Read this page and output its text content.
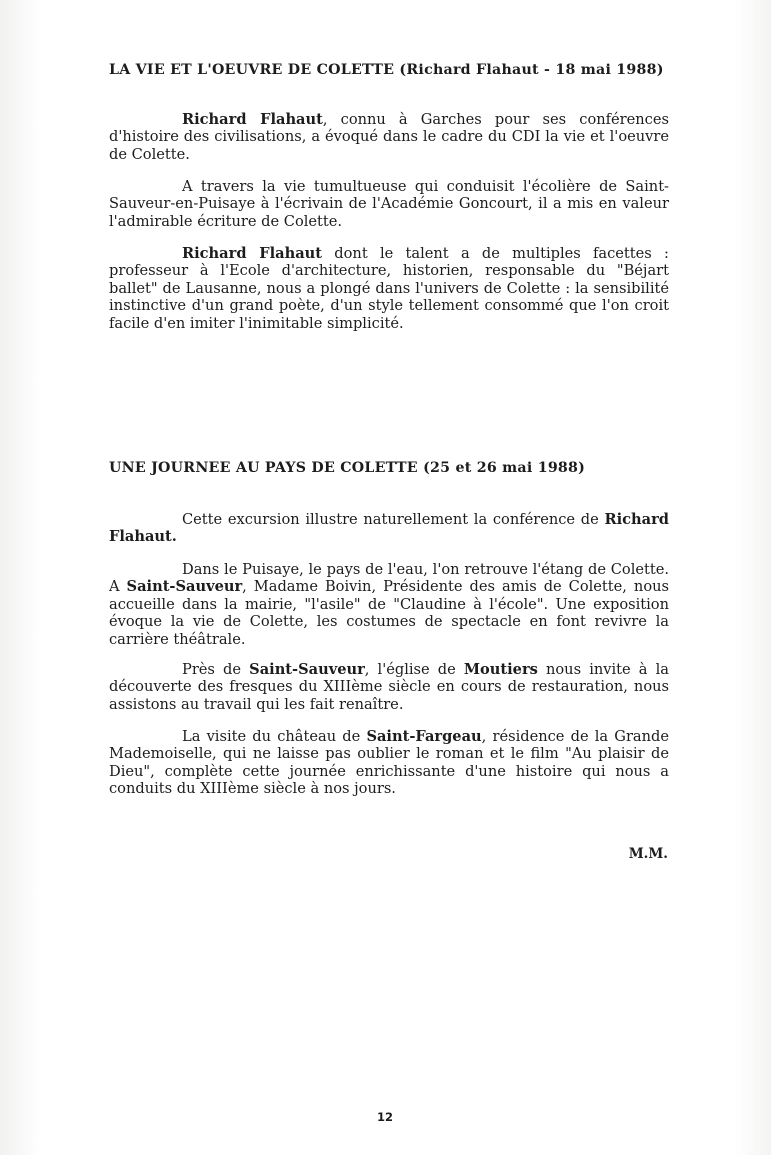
LA VIE ET L'OEUVRE DE COLETTE (Richard Flahaut - 18 mai 1988)

Richard Flahaut, connu à Garches pour ses conférences d'histoire des civilisations, a évoqué dans le cadre du CDI la vie et l'oeuvre de Colette.

A travers la vie tumultueuse qui conduisit l'écolière de Saint-Sauveur-en-Puisaye à l'écrivain de l'Académie Goncourt, il a mis en valeur l'admirable écriture de Colette.

Richard Flahaut dont le talent a de multiples facettes : professeur à l'Ecole d'architecture, historien, responsable du "Béjart ballet" de Lausanne, nous a plongé dans l'univers de Colette : la sensibilité instinctive d'un grand poète, d'un style tellement consommé que l'on croit facile d'en imiter l'inimitable simplicité.

UNE JOURNEE AU PAYS DE COLETTE (25 et 26 mai 1988)

Cette excursion illustre naturellement la conférence de Richard Flahaut.

Dans le Puisaye, le pays de l'eau, l'on retrouve l'étang de Colette. A Saint-Sauveur, Madame Boivin, Présidente des amis de Colette, nous accueille dans la mairie, "l'asile" de "Claudine à l'école". Une exposition évoque la vie de Colette, les costumes de spectacle en font revivre la carrière théâtrale.

Près de Saint-Sauveur, l'église de Moutiers nous invite à la découverte des fresques du XIIIème siècle en cours de restauration, nous assistons au travail qui les fait renaître.

La visite du château de Saint-Fargeau, résidence de la Grande Mademoiselle, qui ne laisse pas oublier le roman et le film "Au plaisir de Dieu", complète cette journée enrichissante d'une histoire qui nous a conduits du XIIIème siècle à nos jours.

M.M.
12
